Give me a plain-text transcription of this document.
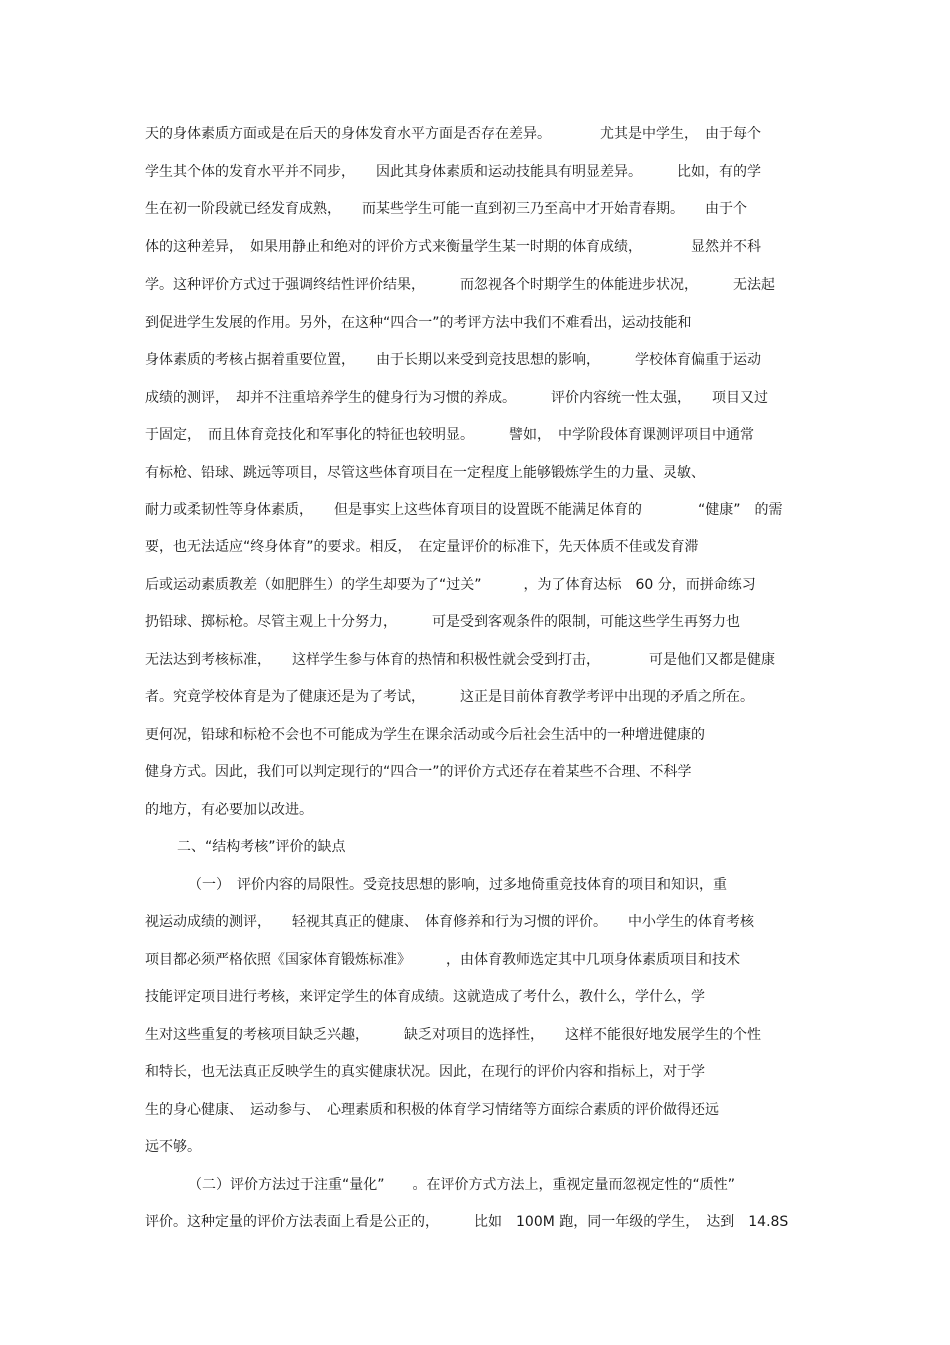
天的身体素质方面或是在后天的身体发育水平方面是否存在差异。　　　　尤其是中学生，　由于每个
学生其个体的发育水平并不同步，　　因此其身体素质和运动技能具有明显差异。　　　比如，有的学
生在初一阶段就已经发育成熟，　　而某些学生可能一直到初三乃至高中才开始青春期。　　由于个
体的这种差异，　如果用静止和绝对的评价方式来衡量学生某一时期的体育成绩，　　　　显然并不科
学。这种评价方式过于强调终结性评价结果，　　　而忽视各个时期学生的体能进步状况，　　　无法起
到促进学生发展的作用。另外，在这种“四合一”的考评方法中我们不难看出，运动技能和
身体素质的考核占据着重要位置，　　由于长期以来受到竞技思想的影响，　　　学校体育偏重于运动
成绩的测评，　却并不注重培养学生的健身行为习惯的养成。　　　评价内容统一性太强，　　项目又过
于固定，　而且体育竞技化和军事化的特征也较明显。　　　譬如，　中学阶段体育课测评项目中通常
有标枪、铅球、跳远等项目，尽管这些体育项目在一定程度上能够锻炼学生的力量、灵敏、
耐力或柔韧性等身体素质，　　但是事实上这些体育项目的设置既不能满足体育的　　　　“健康”　的需
要，也无法适应“终身体育”的要求。相反，　在定量评价的标准下，先天体质不佳或发育滞
后或运动素质教差（如肥胖生）的学生却要为了“过关”　　　，为了体育达标　60 分，而拼命练习
扔铅球、掷标枪。尽管主观上十分努力，　　　可是受到客观条件的限制，可能这些学生再努力也
无法达到考核标准，　　这样学生参与体育的热情和积极性就会受到打击，　　　　可是他们又都是健康
者。究竟学校体育是为了健康还是为了考试，　　　这正是目前体育教学考评中出现的矛盾之所在。
更何况，铅球和标枪不会也不可能成为学生在课余活动或今后社会生活中的一种增进健康的
健身方式。因此，我们可以判定现行的“四合一”的评价方式还存在着某些不合理、不科学
的地方，有必要加以改进。
二、“结构考核”评价的缺点
（一）　评价内容的局限性。受竞技思想的影响，过多地倚重竞技体育的项目和知识，重
视运动成绩的测评，　　轻视其真正的健康、　体育修养和行为习惯的评价。　　中小学生的体育考核
项目都必须严格依照《国家体育锻炼标准》　　　，由体育教师选定其中几项身体素质项目和技术
技能评定项目进行考核，来评定学生的体育成绩。这就造成了考什么，教什么，学什么，学
生对这些重复的考核项目缺乏兴趣，　　　缺乏对项目的选择性，　　这样不能很好地发展学生的个性
和特长，也无法真正反映学生的真实健康状况。因此，在现行的评价内容和指标上，对于学
生的身心健康、　运动参与、　心理素质和积极的体育学习情绪等方面综合素质的评价做得还远
远不够。
（二）评价方法过于注重“量化”　　。在评价方式方法上，重视定量而忽视定性的“质性”
评价。这种定量的评价方法表面上看是公正的，　　　比如　100M 跑，同一年级的学生，　达到　14.8S
